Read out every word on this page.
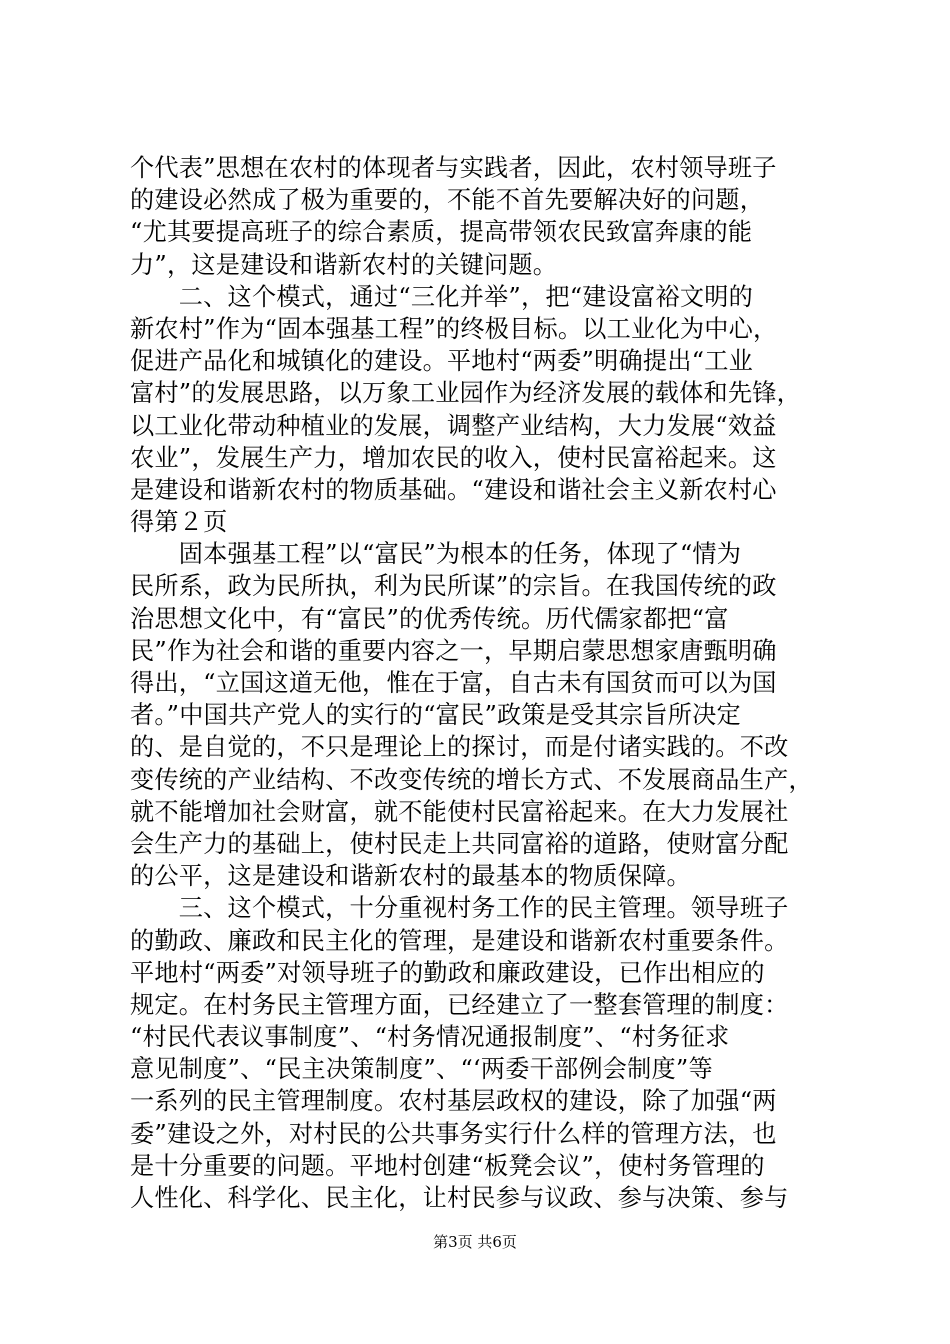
个代表”思想在农村的体现者与实践者，因此，农村领导班子
的建设必然成了极为重要的，不能不首先要解决好的问题，
“尤其要提高班子的综合素质，提高带领农民致富奔康的能
力”，这是建设和谐新农村的关键问题。
　　二、这个模式，通过“三化并举”，把“建设富裕文明的
新农村”作为“固本强基工程”的终极目标。以工业化为中心，
促进产品化和城镇化的建设。平地村“两委”明确提出“工业
富村”的发展思路，以万象工业园作为经济发展的载体和先锋，
以工业化带动种植业的发展，调整产业结构，大力发展“效益
农业”，发展生产力，增加农民的收入，使村民富裕起来。这
是建设和谐新农村的物质基础。“建设和谐社会主义新农村心
得第２页
　　固本强基工程”以“富民”为根本的任务，体现了“情为
民所系，政为民所执，利为民所谋”的宗旨。在我国传统的政
治思想文化中，有“富民”的优秀传统。历代儒家都把“富
民”作为社会和谐的重要内容之一，早期启蒙思想家唐甄明确
得出，“立国这道无他，惟在于富，自古未有国贫而可以为国
者。”中国共产党人的实行的“富民”政策是受其宗旨所决定
的、是自觉的，不只是理论上的探讨，而是付诸实践的。不改
变传统的产业结构、不改变传统的增长方式、不发展商品生产，
就不能增加社会财富，就不能使村民富裕起来。在大力发展社
会生产力的基础上，使村民走上共同富裕的道路，使财富分配
的公平，这是建设和谐新农村的最基本的物质保障。
　　三、这个模式，十分重视村务工作的民主管理。领导班子
的勤政、廉政和民主化的管理，是建设和谐新农村重要条件。
平地村“两委”对领导班子的勤政和廉政建设，已作出相应的
规定。在村务民主管理方面，已经建立了一整套管理的制度：
“村民代表议事制度”、“村务情况通报制度”、“村务征求
意见制度”、“民主决策制度”、“‘两委干部例会制度”等
一系列的民主管理制度。农村基层政权的建设，除了加强“两
委”建设之外，对村民的公共事务实行什么样的管理方法，也
是十分重要的问题。平地村创建“板凳会议”，使村务管理的
人性化、科学化、民主化，让村民参与议政、参与决策、参与
第3页 共6页
